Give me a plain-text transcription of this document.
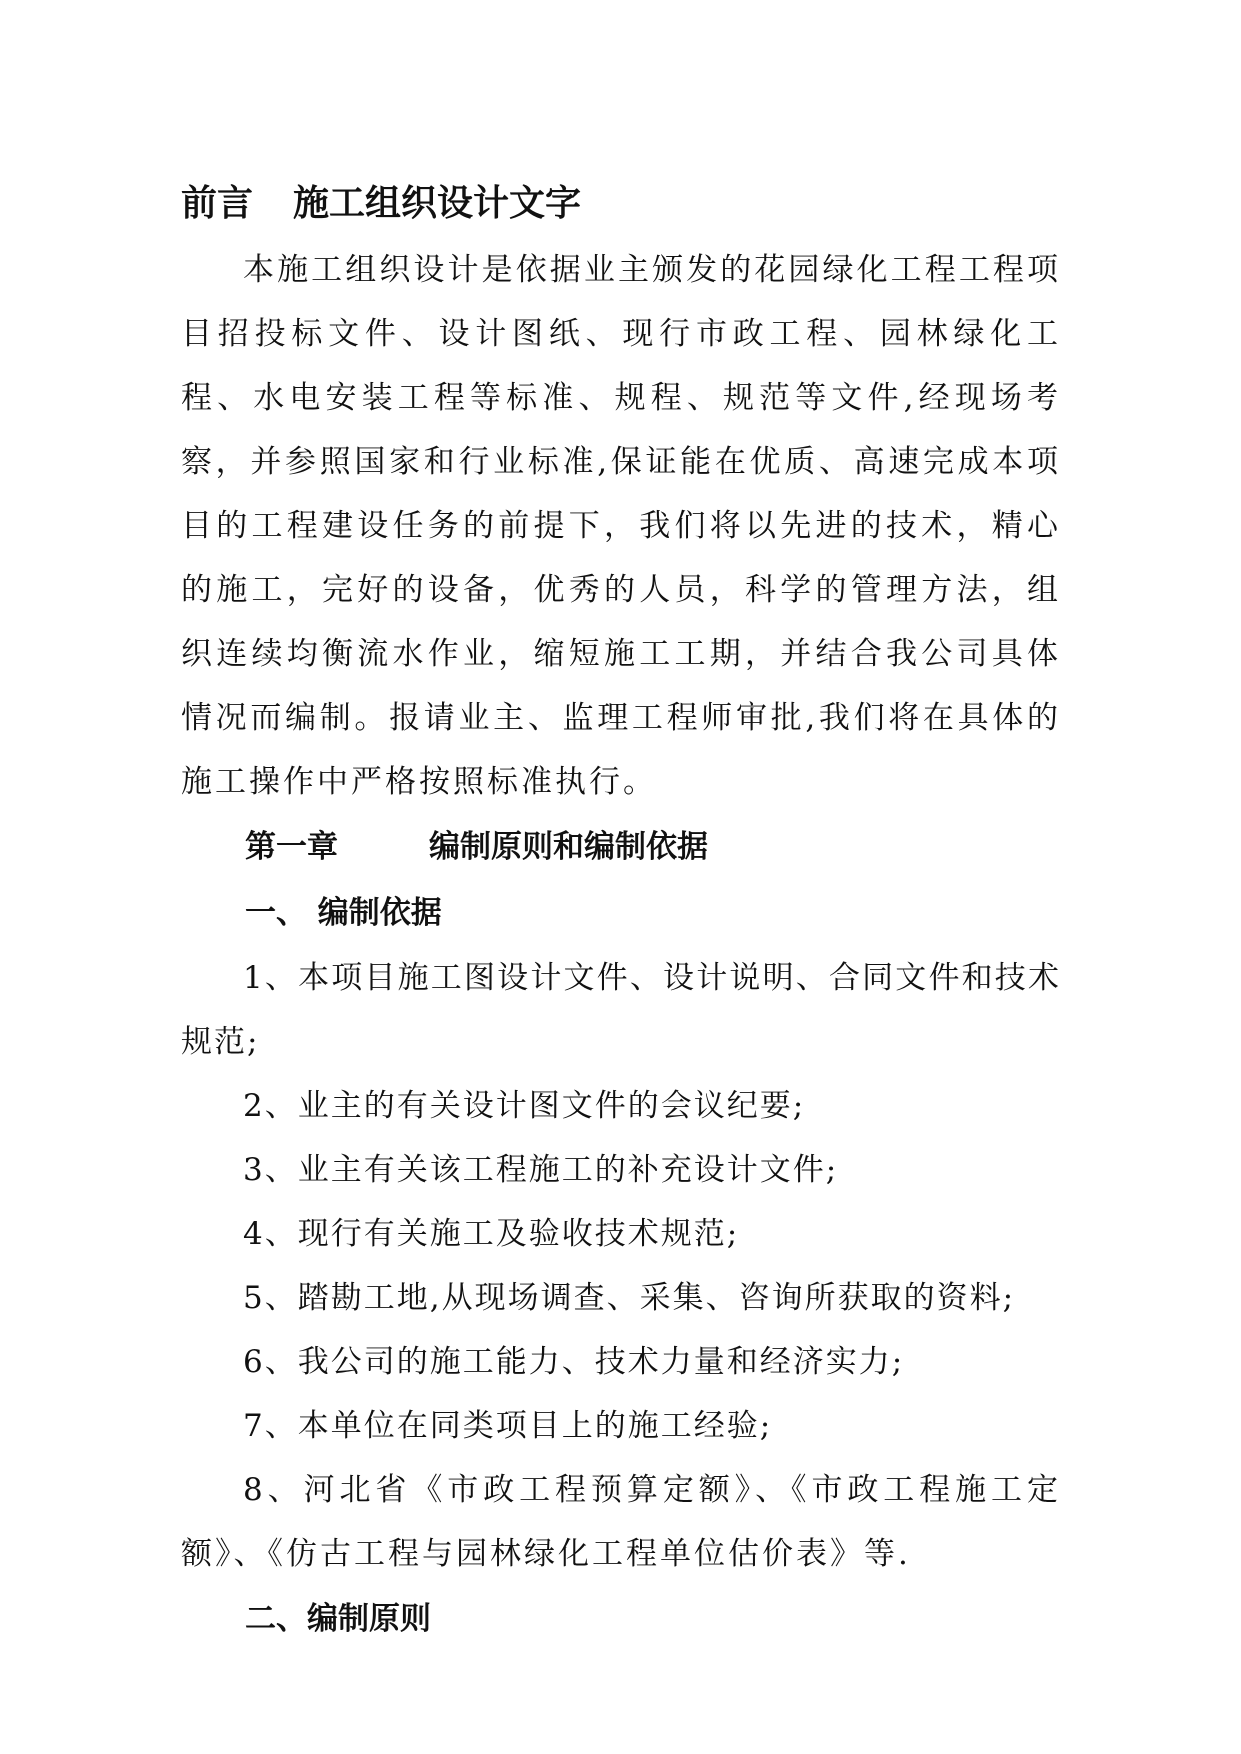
前言 施工组织设计文字

本施工组织设计是依据业主颁发的花园绿化工程工程项目招投标文件、设计图纸、现行市政工程、园林绿化工程、水电安装工程等标准、规程、规范等文件,经现场考察，并参照国家和行业标准,保证能在优质、高速完成本项目的工程建设任务的前提下，我们将以先进的技术，精心的施工，完好的设备，优秀的人员，科学的管理方法，组织连续均衡流水作业，缩短施工工期，并结合我公司具体情况而编制。报请业主、监理工程师审批,我们将在具体的施工操作中严格按照标准执行。

第一章	编制原则和编制依据
一、 编制依据

1、本项目施工图设计文件、设计说明、合同文件和技术规范;

2、业主的有关设计图文件的会议纪要;

3、业主有关该工程施工的补充设计文件;

4、现行有关施工及验收技术规范;

5、踏勘工地,从现场调查、采集、咨询所获取的资料;

6、我公司的施工能力、技术力量和经济实力;

7、本单位在同类项目上的施工经验;

8、河北省《市政工程预算定额》、《市政工程施工定额》、《仿古工程与园林绿化工程单位估价表》等.

二、编制原则
